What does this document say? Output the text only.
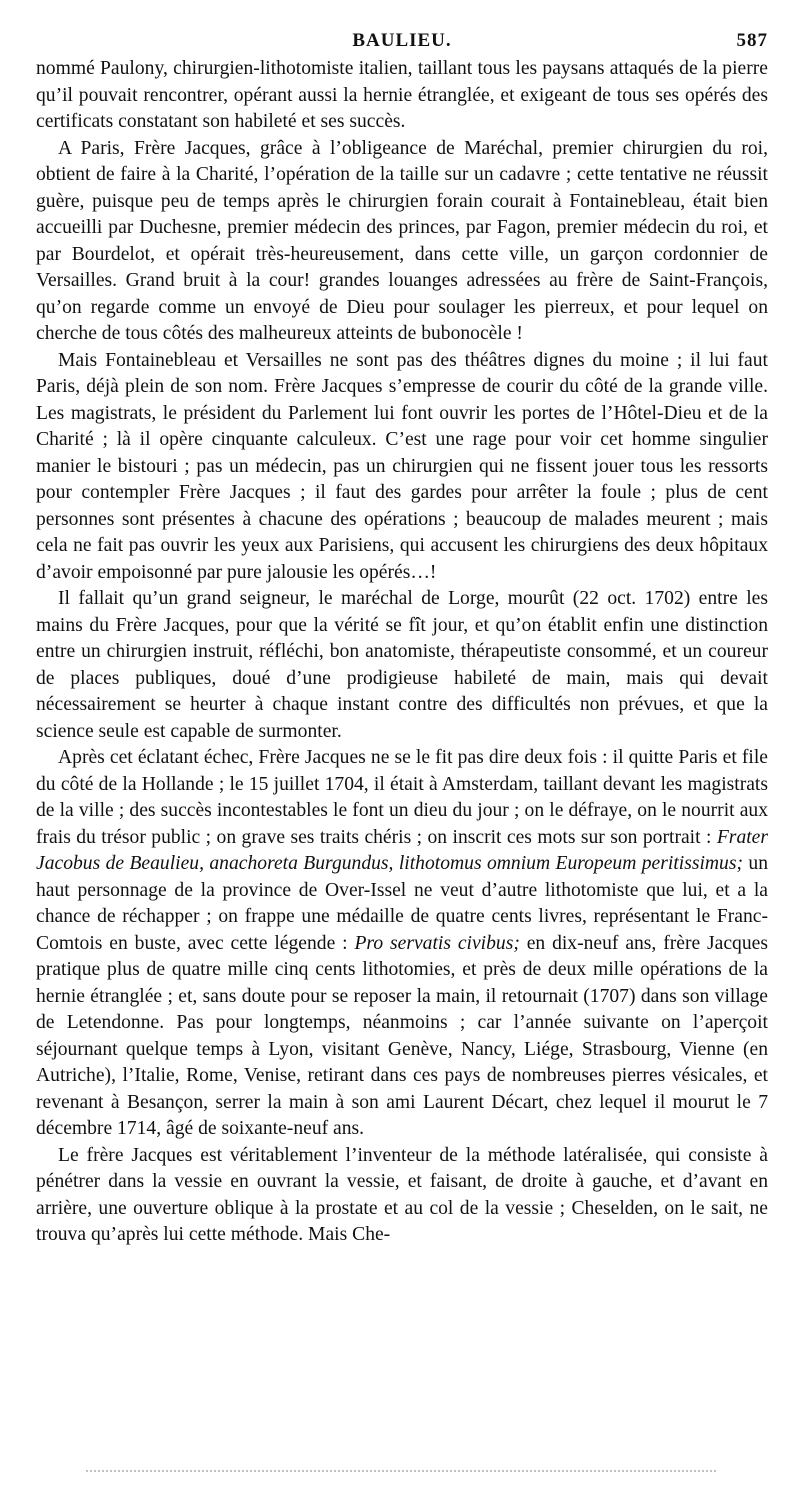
BAULIEU.	587

nommé Paulony, chirurgien-lithotomiste italien, taillant tous les paysans attaqués de la pierre qu’il pouvait rencontrer, opérant aussi la hernie étranglée, et exigeant de tous ses opérés des certificats constatant son habileté et ses succès.

A Paris, Frère Jacques, grâce à l’obligeance de Maréchal, premier chirurgien du roi, obtient de faire à la Charité, l’opération de la taille sur un cadavre ; cette tentative ne réussit guère, puisque peu de temps après le chirurgien forain courait à Fontainebleau, était bien accueilli par Duchesne, premier médecin des princes, par Fagon, premier médecin du roi, et par Bourdelot, et opérait très-heureusement, dans cette ville, un garçon cordonnier de Versailles. Grand bruit à la cour! grandes louanges adressées au frère de Saint-François, qu’on regarde comme un envoyé de Dieu pour soulager les pierreux, et pour lequel on cherche de tous côtés des malheureux atteints de bubonocèle !

Mais Fontainebleau et Versailles ne sont pas des théâtres dignes du moine ; il lui faut Paris, déjà plein de son nom. Frère Jacques s’empresse de courir du côté de la grande ville. Les magistrats, le président du Parlement lui font ouvrir les portes de l’Hôtel-Dieu et de la Charité ; là il opère cinquante calculeux. C’est une rage pour voir cet homme singulier manier le bistouri ; pas un médecin, pas un chirurgien qui ne fissent jouer tous les ressorts pour contempler Frère Jacques ; il faut des gardes pour arrêter la foule ; plus de cent personnes sont présentes à chacune des opérations ; beaucoup de malades meurent ; mais cela ne fait pas ouvrir les yeux aux Parisiens, qui accusent les chirurgiens des deux hôpitaux d’avoir empoisonné par pure jalousie les opérés…!

Il fallait qu’un grand seigneur, le maréchal de Lorge, mourût (22 oct. 1702) entre les mains du Frère Jacques, pour que la vérité se fît jour, et qu’on établit enfin une distinction entre un chirurgien instruit, réfléchi, bon anatomiste, thérapeutiste consommé, et un coureur de places publiques, doué d’une prodigieuse habileté de main, mais qui devait nécessairement se heurter à chaque instant contre des difficultés non prévues, et que la science seule est capable de surmonter.

Après cet éclatant échec, Frère Jacques ne se le fit pas dire deux fois : il quitte Paris et file du côté de la Hollande ; le 15 juillet 1704, il était à Amsterdam, taillant devant les magistrats de la ville ; des succès incontestables le font un dieu du jour ; on le défraye, on le nourrit aux frais du trésor public ; on grave ses traits chéris ; on inscrit ces mots sur son portrait : Frater Jacobus de Beaulieu, anachoreta Burgundus, lithotomus omnium Europeum peritissimus; un haut personnage de la province de Over-Issel ne veut d’autre lithotomiste que lui, et a la chance de réchapper ; on frappe une médaille de quatre cents livres, représentant le Franc-Comtois en buste, avec cette légende : Pro servatis civibus; en dix-neuf ans, frère Jacques pratique plus de quatre mille cinq cents lithotomies, et près de deux mille opérations de la hernie étranglée ; et, sans doute pour se reposer la main, il retournait (1707) dans son village de Letendonne. Pas pour longtemps, néanmoins ; car l’année suivante on l’aperçoit séjournant quelque temps à Lyon, visitant Genève, Nancy, Liége, Strasbourg, Vienne (en Autriche), l’Italie, Rome, Venise, retirant dans ces pays de nombreuses pierres vésicales, et revenant à Besançon, serrer la main à son ami Laurent Décart, chez lequel il mourut le 7 décembre 1714, âgé de soixante-neuf ans.

Le frère Jacques est véritablement l’inventeur de la méthode latéralisée, qui consiste à pénétrer dans la vessie en ouvrant la vessie, et faisant, de droite à gauche, et d’avant en arrière, une ouverture oblique à la prostate et au col de la vessie ; Cheselden, on le sait, ne trouva qu’après lui cette méthode. Mais Che-
